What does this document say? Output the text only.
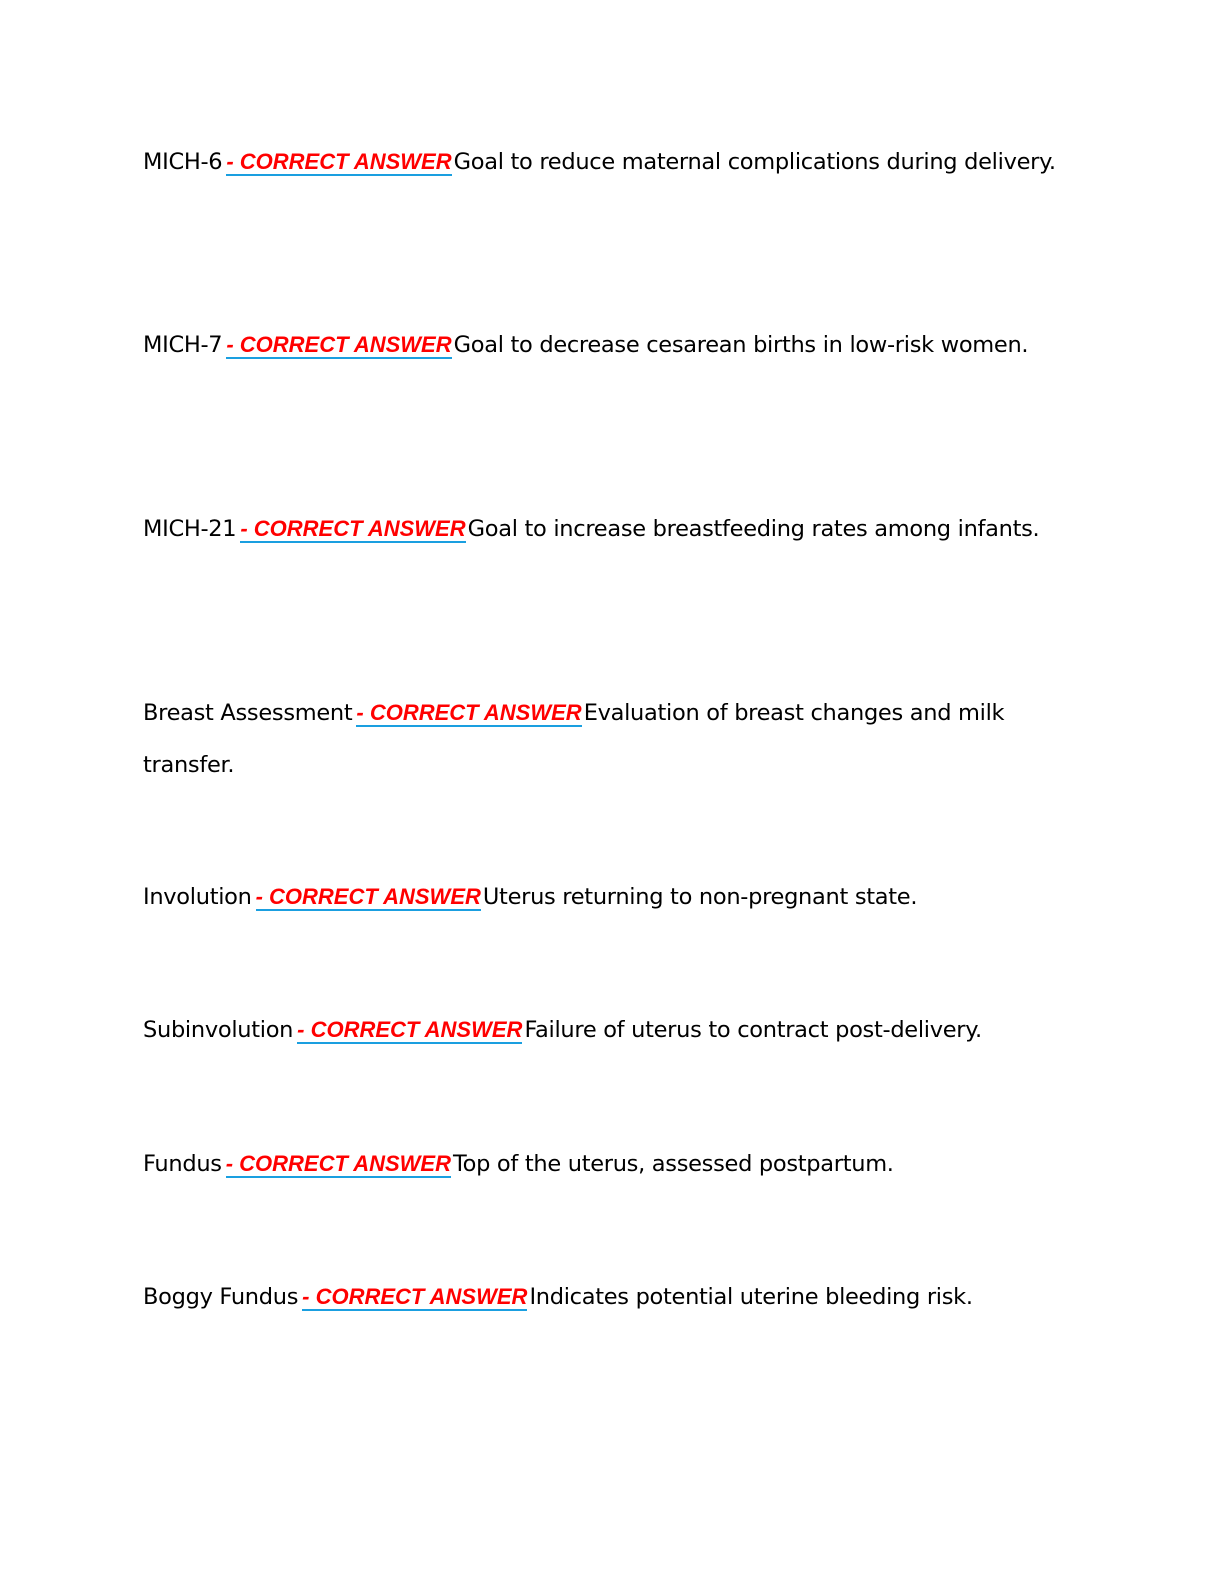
MICH-6 - CORRECT ANSWERGoal to reduce maternal complications during delivery.
MICH-7 - CORRECT ANSWERGoal to decrease cesarean births in low-risk women.
MICH-21 - CORRECT ANSWERGoal to increase breastfeeding rates among infants.
Breast Assessment - CORRECT ANSWEREvaluation of breast changes and milk transfer.
Involution - CORRECT ANSWERUterus returning to non-pregnant state.
Subinvolution - CORRECT ANSWERFailure of uterus to contract post-delivery.
Fundus - CORRECT ANSWERTop of the uterus, assessed postpartum.
Boggy Fundus - CORRECT ANSWERIndicates potential uterine bleeding risk.
